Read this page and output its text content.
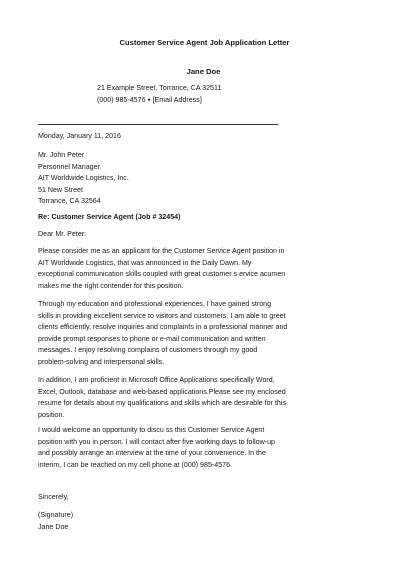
Customer Service Agent Job Application Letter
Jane Doe
21 Example Street, Torrance, CA 32511
(000) 985-4576 ● [Email Address]
Monday, January 11, 2016
Mr. John Peter
Personnel Manager
AIT Worldwide Logistics, Inc.
51 New Street
Torrance, CA 32564
Re: Customer Service Agent (Job # 32454)
Dear Mr. Peter:
Please consider me as an applicant for the Customer Service Agent position in
AIT Worldwide Logistics, that was announced in the Daily Dawn. My
exceptional communication skills coupled with great customer s ervice acumen
makes me the right contender for this position.
Through my education and professional experiences, I have gained strong
skills in providing excellent service to visitors and customers. I am able to greet
clients efficiently, resolve inquiries and complaints in a professional manner and
provide prompt responses to phone or e-mail communication and written
messages. I enjoy resolving complains of customers through my good
problem-solving and interpersonal skills.
In addition, I am proficient in Microsoft Office Applications specifically Word,
Excel, Outlook, database and web-based applications.Please see my enclosed
resume for details about my qualifications and skills which are desirable for this
position.
I would welcome an opportunity to discu ss this Customer Service Agent
position with you in person. I will contact after five working days to follow-up
and possibly arrange an interview at the time of your convenience. In the
interim, I can be reached on my cell phone at (000) 985-4576.
Sincerely,
(Signature)
Jane Doe
